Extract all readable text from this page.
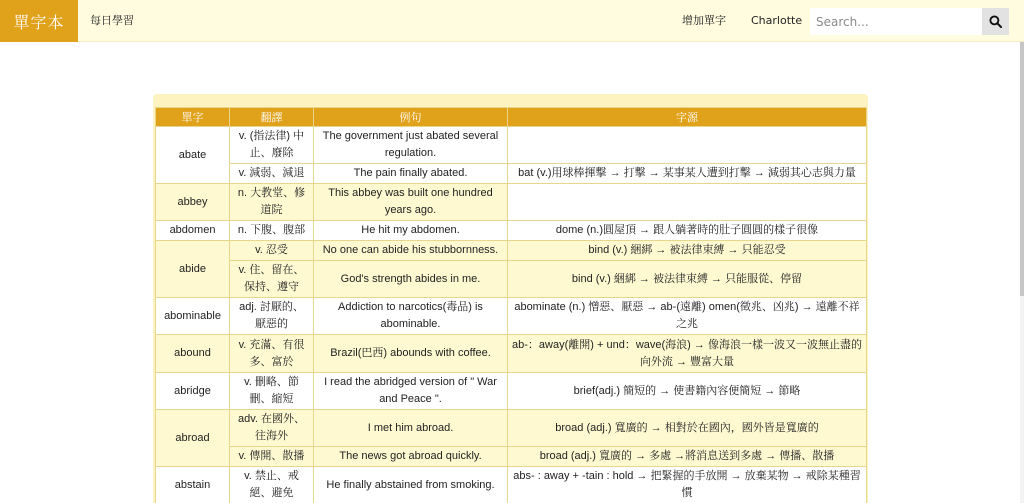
單字本	每日學習	增加單字 Charlotte
Search...
單字	翻譯	例句	字源
abate	v. (指法律) 中止、廢除	The government just abated several regulation.	
	v. 減弱、減退	The pain finally abated.	bat (v.)用球棒揮擊 → 打擊 → 某事某人遭到打擊 → 減弱其心志與力量
abbey	n. 大教堂、修道院	This abbey was built one hundred years ago.	
abdomen	n. 下腹、腹部	He hit my abdomen.	dome (n.)圓屋頂 → 跟人躺著時的肚子圓圓的樣子很像
abide	v. 忍受	No one can abide his stubbornness.	bind (v.) 綑綁 → 被法律束縛 → 只能忍受
	v. 住、留在、保持、遵守	God's strength abides in me.	bind (v.) 綑綁 → 被法律束縛 → 只能服從、停留
abominable	adj. 討厭的、厭惡的	Addiction to narcotics(毒品) is abominable.	abominate (n.) 憎惡、厭惡 → ab-(遠離) omen(徵兆、凶兆) → 遠離不祥之兆
abound	v. 充滿、有很多、富於	Brazil(巴西) abounds with coffee.	ab-：away(離開) + und：wave(海浪) → 像海浪一樣一波又一波無止盡的向外流 → 豐富大量
abridge	v. 刪略、節刪、縮短	I read the abridged version of " War and Peace ".	brief(adj.) 簡短的 → 使書籍內容便簡短 → 節略
abroad	adv. 在國外、往海外	I met him abroad.	broad (adj.) 寬廣的 → 相對於在國內，國外皆是寬廣的
	v. 傳開、散播	The news got abroad quickly.	broad (adj.) 寬廣的 → 多處 →將消息送到多處 → 傳播、散播
abstain	v. 禁止、戒絕、避免	He finally abstained from smoking.	abs- : away + -tain : hold → 把緊握的手放開 → 放棄某物 → 戒除某種習慣
